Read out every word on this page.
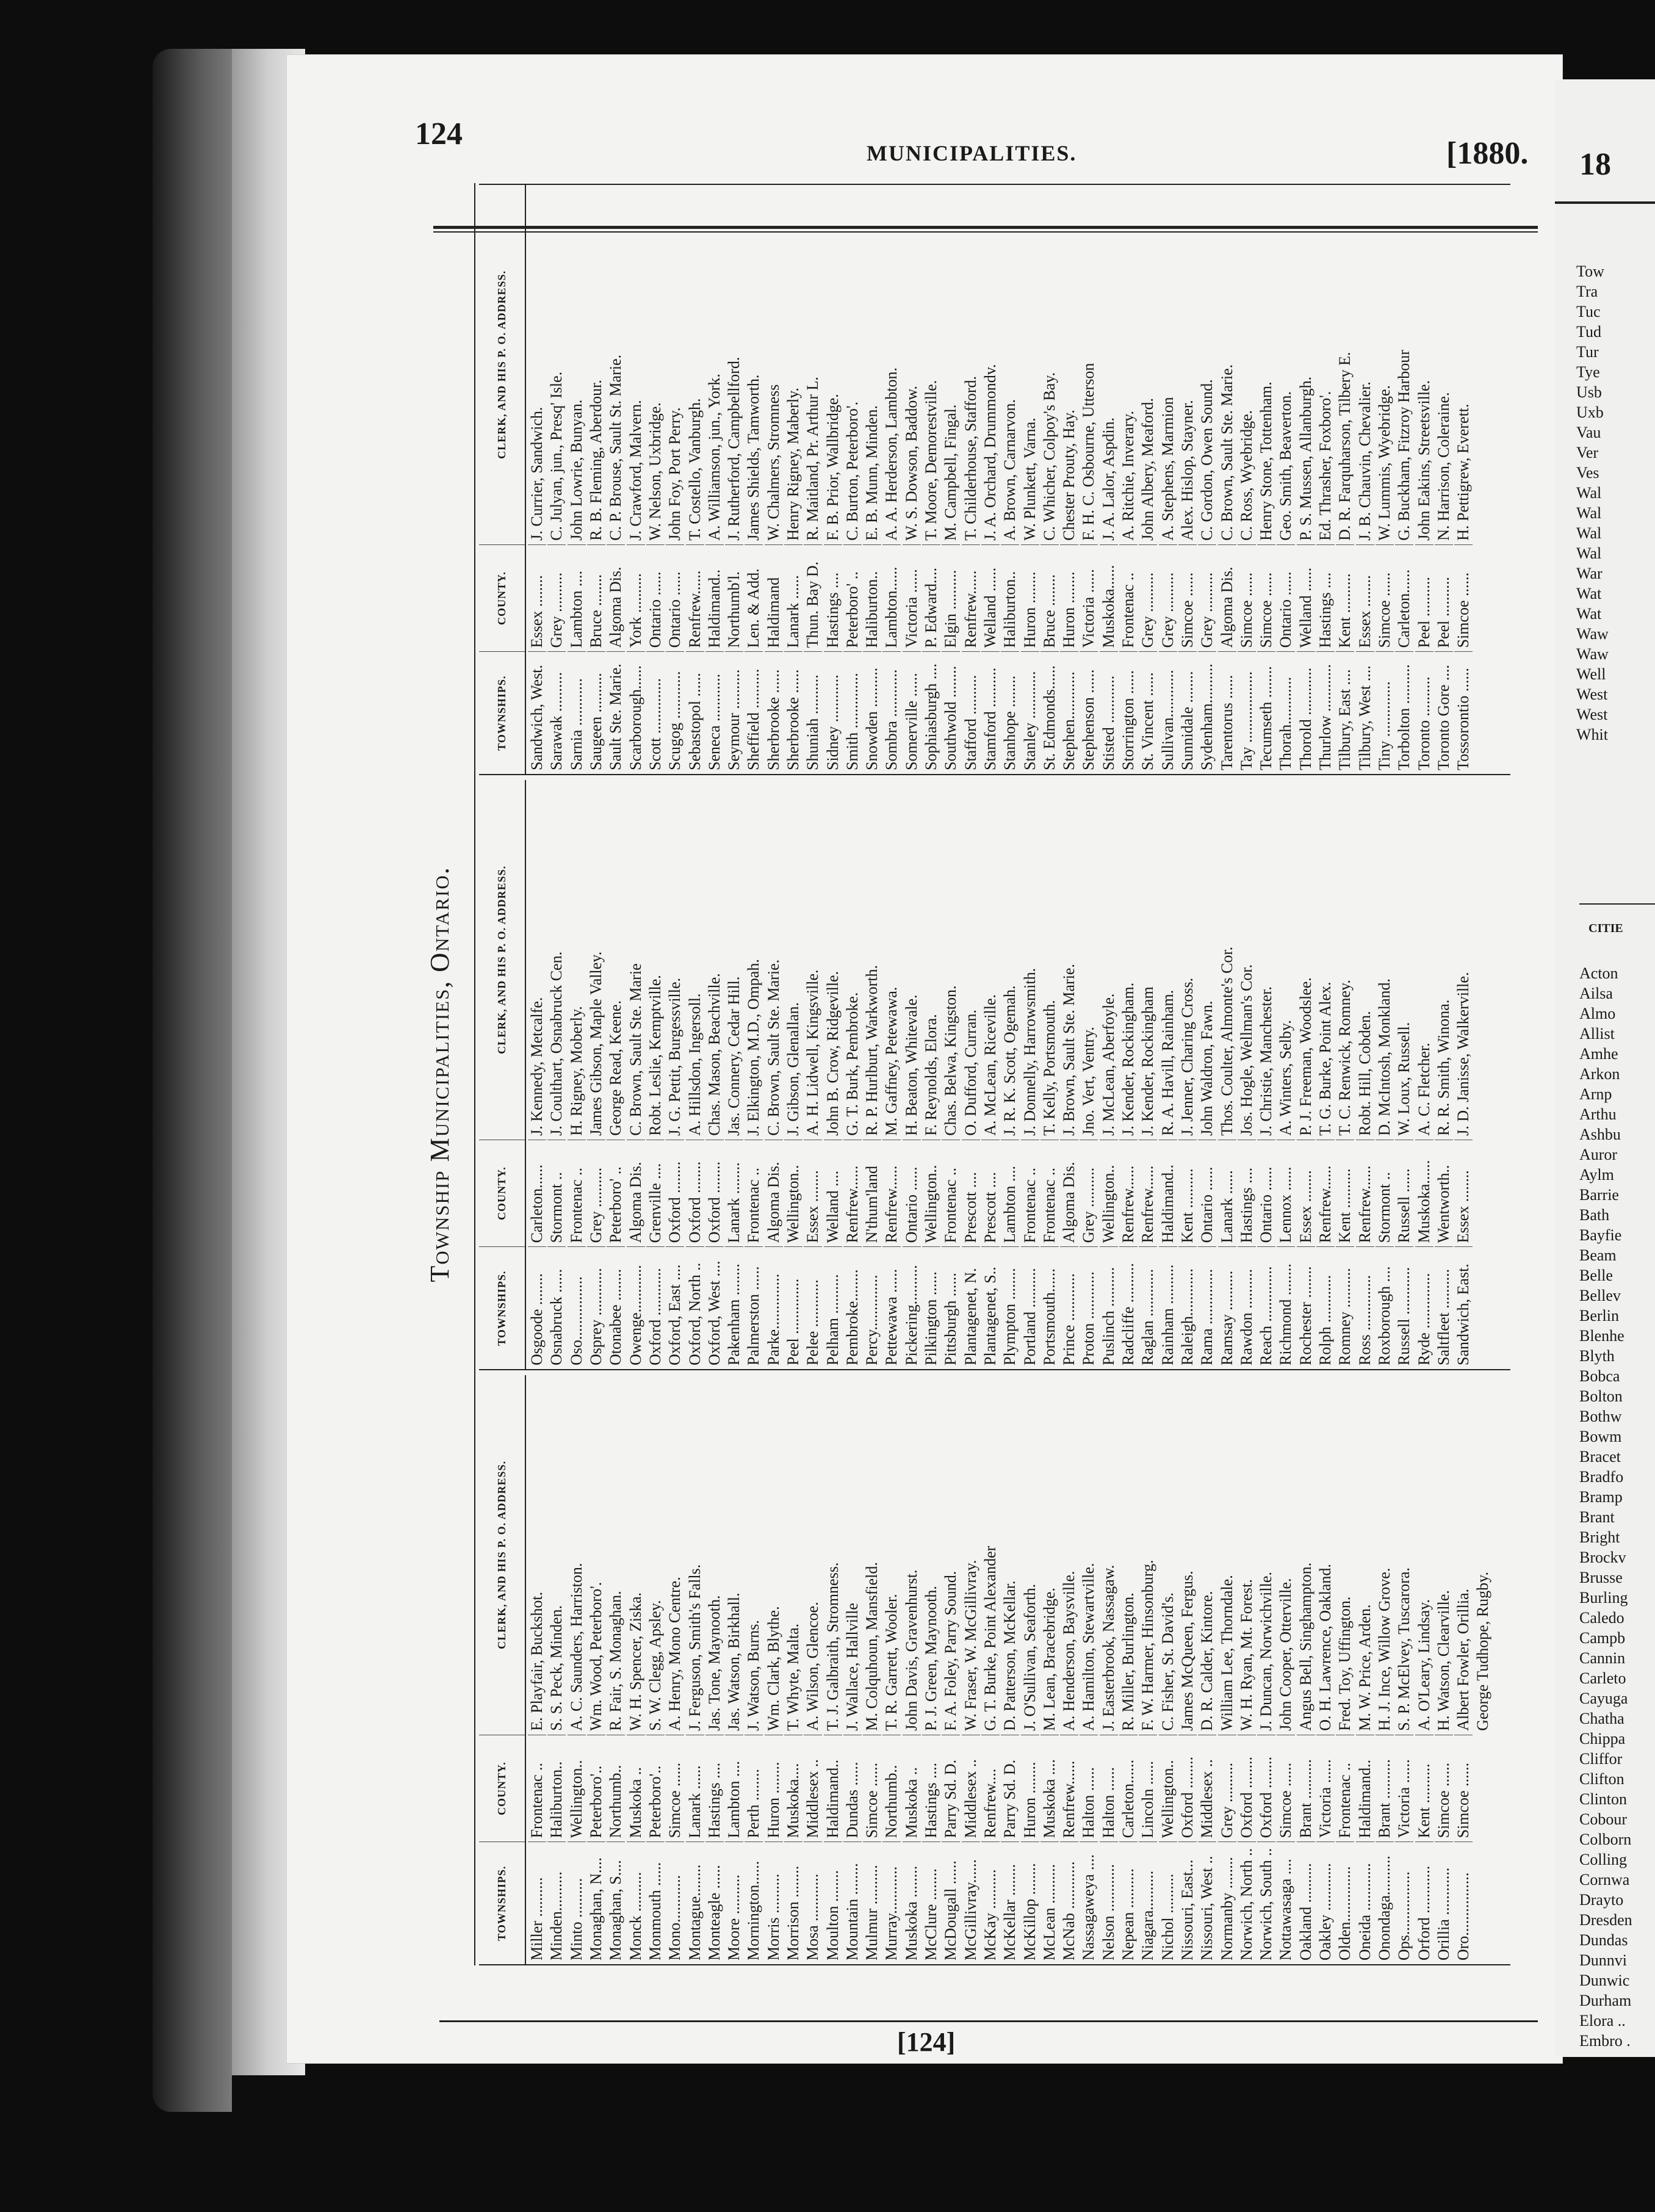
124
MUNICIPALITIES.	[1880.
[124]
Township Municipalities, Ontario.
TOWNSHIPS.
COUNTY.
CLERK, AND HIS P. O. ADDRESS.
Miller ..........
Frontenac ..
E. Playfair, Buckshot.
Minden..........
Haliburton..
S. S. Peck, Minden.
Minto ..........
Wellington..
A. C. Saunders, Harriston.
Monaghan, N....
Peterboro'..
Wm. Wood, Peterboro'.
Monaghan, S....
Northumb..
R. Fair, S. Monaghan.
Monck ..........
Muskoka ..
W. H. Spencer, Ziska.
Monmouth ......
Peterboro'..
S. W. Clegg, Apsley.
Mono............
Simcoe ......
A. Henry, Mono Centre.
Montague........
Lanark ......
J. Ferguson, Smith's Falls.
Monteagle ......
Hastings ....
Jas. Tone, Maynooth.
Moore ..........
Lambton ....
Jas. Watson, Birkhall.
Mornington......
Perth ........
J. Watson, Burns.
Morris ..........
Huron ........
Wm. Clark, Blythe.
Morrison ........
Muskoka....
T. Whyte, Malta.
Mosa ............
Middlesex ..
A. Wilson, Glencoe.
Moulton ........
Haldimand..
T. J. Galbraith, Stromness.
Mountain ........
Dundas ......
J. Wallace, Hallville
Mulmur ..........
Simcoe ......
M. Colquhoun, Mansfield.
Murray............
Northumb..
T. R. Garrett, Wooler.
Muskoka ........
Muskoka ..
John Davis, Gravenhurst.
McClure ........
Hastings ....
P. J. Green, Maynooth.
McDougall ......
Parry Sd. D.
F. A. Foley, Parry Sound.
McGillivray......
Middlesex ..
W. Fraser, W. McGillivray.
McKay ..........
Renfrew....
G. T. Burke, Point Alexander
McKellar ........
Parry Sd. D.
D. Patterson, McKellar.
McKillop ........
Huron ........
J. O'Sullivan, Seaforth.
McLean ..........
Muskoka ....
M. Lean, Bracebridge.
McNab ............
Renfrew......
A. Henderson, Baysville.
Nassagaweya ....
Halton ......
A. Hamilton, Stewartville.
Nelson ............
Halton ......
J. Easterbrook, Nassagaw.
Nepean ..........
Carleton......
R. Miller, Burlington.
Niagara..........
Lincoln ......
F. W. Harmer, Hinsonburg.
Nichol ..........
Wellington..
C. Fisher, St. David's.
Nissouri, East...
Oxford ........
James McQueen, Fergus.
Nissouri, West ..
Middlesex ..
D. R. Calder, Kintore.
Normanby ........
Grey ..........
William Lee, Thorndale.
Norwich, North ..
Oxford ........
W. H. Ryan, Mt. Forest.
Norwich, South ..
Oxford ........
J. Duncan, Norwichville.
Nottawasaga ....
Simcoe ......
John Cooper, Otterville.
Oakland ..........
Brant ..........
Angus Bell, Singhampton.
Oakley ............
Victoria ......
O. H. Lawrence, Oakland.
Olden..............
Frontenac ..
Fred. Toy, Uffington.
Oneida ............
Haldimand..
M. W. Price, Arden.
Onondaga..........
Brant ..........
H. J. Ince, Willow Grove.
Ops................
Victoria ......
S. P. McElvey, Tuscarora.
Orford ............
Kent ..........
A. O'Leary, Lindsay.
Orillia ............
Simcoe ......
H. Watson, Clearville.
Oro................
Simcoe ......
Albert Fowler, Orillia. George Tudhope, Rugby.
TOWNSHIPS.
COUNTY.
CLERK, AND HIS P. O. ADDRESS.
Osgoode ........
Carleton......
J. Kennedy, Metcalfe.
Osnabruck ......
Stormont ..
J. Coulthart, Osnabruck Cen.
Oso................
Frontenac ..
H. Rigney, Moberly.
Osprey ............
Grey ..........
James Gibson, Maple Valley.
Otonabee ........
Peterboro' ..
George Read, Keene.
Owenge............
Algoma Dis.
C. Brown, Sault Ste. Marie
Oxford ............
Grenville ....
Robt. Leslie, Kemptville.
Oxford, East ....
Oxford ........
J. G. Pettit, Burgessville.
Oxford, North ..
Oxford ........
A. Hillsdon, Ingersoll.
Oxford, West ....
Oxford ........
Chas. Mason, Beachville.
Pakenham ........
Lanark ........
Jas. Connery, Cedar Hill.
Palmerston ......
Frontenac ..
J. Elkington, M.D., Ompah.
Parke..............
Algoma Dis.
C. Brown, Sault Ste. Marie.
Peel ..............
Wellington..
J. Gibson, Glenallan.
Pelee ............
Essex ........
A. H. Lidwell, Kingsville.
Pelham ..........
Welland ....
John B. Crow, Ridgeville.
Pembroke........
Renfrew......
G. T. Burk, Pembroke.
Percy..............
N'thum'land
R. P. Hurlburt, Warkworth.
Pettewawa ......
Renfrew......
M. Gaffney, Petewawa.
Pickering..........
Ontario ......
H. Beaton, Whitevale.
Pilkington ......
Wellington..
F. Reynolds, Elora.
Pittsburgh ......
Frontenac ..
Chas. Belwa, Kingston.
Plantagenet, N.
Prescott ....
O. Dufford, Curran.
Plantagenet, S..
Prescott ....
A. McLean, Riceville.
Plympton ........
Lambton ....
J. R. K. Scott, Ogemah.
Portland ..........
Frontenac ..
J. Donnelly, Harrowsmith.
Portsmouth......
Frontenac ..
T. Kelly, Portsmouth.
Prince ............
Algoma Dis.
J. Brown, Sault Ste. Marie.
Proton ............
Grey ..........
Jno. Vert, Ventry.
Puslinch ..........
Wellington..
J. McLean, Aberfoyle.
Radcliffe ..........
Renfrew......
J. Kender, Rockingham.
Raglan ............
Renfrew......
J. Kender, Rockingham
Rainham ..........
Haldimand..
R. A. Havill, Rainham.
Raleigh............
Kent ..........
J. Jenner, Charing Cross.
Rama ..............
Ontario ......
John Waldron, Fawn.
Ramsay ..........
Lanark ......
Thos. Coulter, Almonte's Cor.
Rawdon ..........
Hastings ....
Jos. Hogle, Wellman's Cor.
Reach ..............
Ontario ......
J. Christie, Manchester.
Richmond ........
Lennox ......
A. Winters, Selby.
Rochester ........
Essex ........
P. J. Freeman, Woodslee.
Rolph ............
Renfrew......
T. G. Burke, Point Alex.
Romney ..........
Kent ..........
T. C. Renwick, Romney.
Ross ..............
Renfrew......
Robt. Hill, Cobden.
Roxborough ....
Stormont ..
D. McIntosh, Monkland.
Russell ............
Russell ......
W. Loux, Russell.
Ryde ..............
Muskoka......
A. C. Fletcher.
Saltfleet ..........
Wentworth..
R. R. Smith, Winona.
Sandwich, East.
Essex ........
J. D. Janisse, Walkerville.
TOWNSHIPS.
COUNTY.
CLERK, AND HIS P. O. ADDRESS.
Sandwich, West.
Essex ........
J. Currier, Sandwich.
Sarawak ..........
Grey ..........
C. Julyan, jun., Presq' Isle.
Sarnia ............
Lambton ....
John Lowrie, Bunyan.
Saugeen ..........
Bruce ........
R. B. Fleming, Aberdour.
Sault Ste. Marie.
Algoma Dis.
C. P. Brouse, Sault St. Marie.
Scarborough......
York ..........
J. Crawford, Malvern.
Scott ..............
Ontario ......
W. Nelson, Uxbridge.
Scugog ............
Ontario ......
John Foy, Port Perry.
Sebastopol ......
Renfrew......
T. Costello, Vanburgh.
Seneca ............
Haldimand..
A. Williamson, jun., York.
Seymour ..........
Northumb'l.
J. Rutherford, Campbellford.
Sheffield ..........
Len. & Add.
James Shields, Tamworth.
Sherbrooke ......
Haldimand
W. Chalmers, Stromness
Sherbrooke ......
Lanark ......
Henry Rigney, Maberly.
Shuniah ..........
Thun. Bay D.
R. Maitland, Pr. Arthur L.
Sidney ............
Hastings ....
F. B. Prior, Wallbridge.
Smith ..............
Peterboro' ..
C. Burton, Peterboro'.
Snowden ..........
Haliburton..
E. B. Munn, Minden.
Sombra ............
Lambton......
A. A. Herderson, Lambton.
Somerville ......
Victoria ......
W. S. Dowson, Baddow.
Sophiasburgh ....
P. Edward....
T. Moore, Demorestville.
Southwold ........
Elgin ..........
M. Campbell, Fingal.
Stafford ..........
Renfrew......
T. Childerhouse, Stafford.
Stamford ..........
Welland ......
J. A. Orchard, Drummondv.
Stanhope ........
Haliburton..
A. Brown, Carnarvon.
Stanley ............
Huron ........
W. Plunkett, Varna.
St. Edmonds......
Bruce ........
C. Whicher, Colpoy's Bay.
Stephen............
Huron ........
Chester Prouty, Hay.
Stephenson ......
Victoria ......
F. H. C. Osbourne, Utterson
Stisted ............
Muskoka......
J. A. Lalor, Aspdin.
Storrington ......
Frontenac ..
A. Ritchie, Inverary.
St. Vincent ......
Grey ..........
John Albery, Meaford.
Sullivan............
Grey ..........
A. Stephens, Marmion
Sunnidale ........
Simcoe ......
Alex. Hislop, Stayner.
Sydenham..........
Grey ..........
C. Gordon, Owen Sound.
Tarentorus ......
Algoma Dis.
C. Brown, Sault Ste. Marie.
Tay ..................
Simcoe ......
C. Ross, Wyebridge.
Tecumseth ........
Simcoe ......
Henry Stone, Tottenham.
Thorah............
Ontario ......
Geo. Smith, Beaverton.
Thorold ............
Welland ......
P. S. Mussen, Allanburgh.
Thurlow ............
Hastings ....
Ed. Thrasher, Foxboro'.
Tilbury, East ....
Kent ..........
D. R. Farquharson, Tilbery E.
Tilbury, West ....
Essex ........
J. B. Chauvin, Chevalier.
Tiny ..............
Simcoe ......
W. Lummis, Wyebridge.
Torbolton ..........
Carleton......
G. Buckham, Fitzroy Harbour
Toronto ..........
Peel ..........
John Eakins, Streetsville.
Toronto Gore ....
Peel ..........
N. Harrison, Coleraine.
Tossorontio ......
Simcoe ......
H. Pettigrew, Everett.
18
Tow
Tra
Tuc
Tud
Tur
Tye
Usb
Uxb
Vau
Ver
Ves
Wal
Wal
Wal
Wal
War
Wat
Wat
Waw
Waw
Well
West
West
Whit
CITIE
Acton
Ailsa
Almo
Allist
Amhe
Arkon
Arnp
Arthu
Ashbu
Auror
Aylm
Barrie
Bath
Bayfie
Beam
Belle
Bellev
Berlin
Blenhe
Blyth
Bobca
Bolton
Bothw
Bowm
Bracet
Bradfo
Bramp
Brant
Bright
Brockv
Brusse
Burling
Caledo
Campb
Cannin
Carleto
Cayuga
Chatha
Chippa
Cliffor
Clifton
Clinton
Cobour
Colborn
Colling
Cornwa
Drayto
Dresden
Dundas
Dunnvi
Dunwic
Durham
Elora ..
Embro .
